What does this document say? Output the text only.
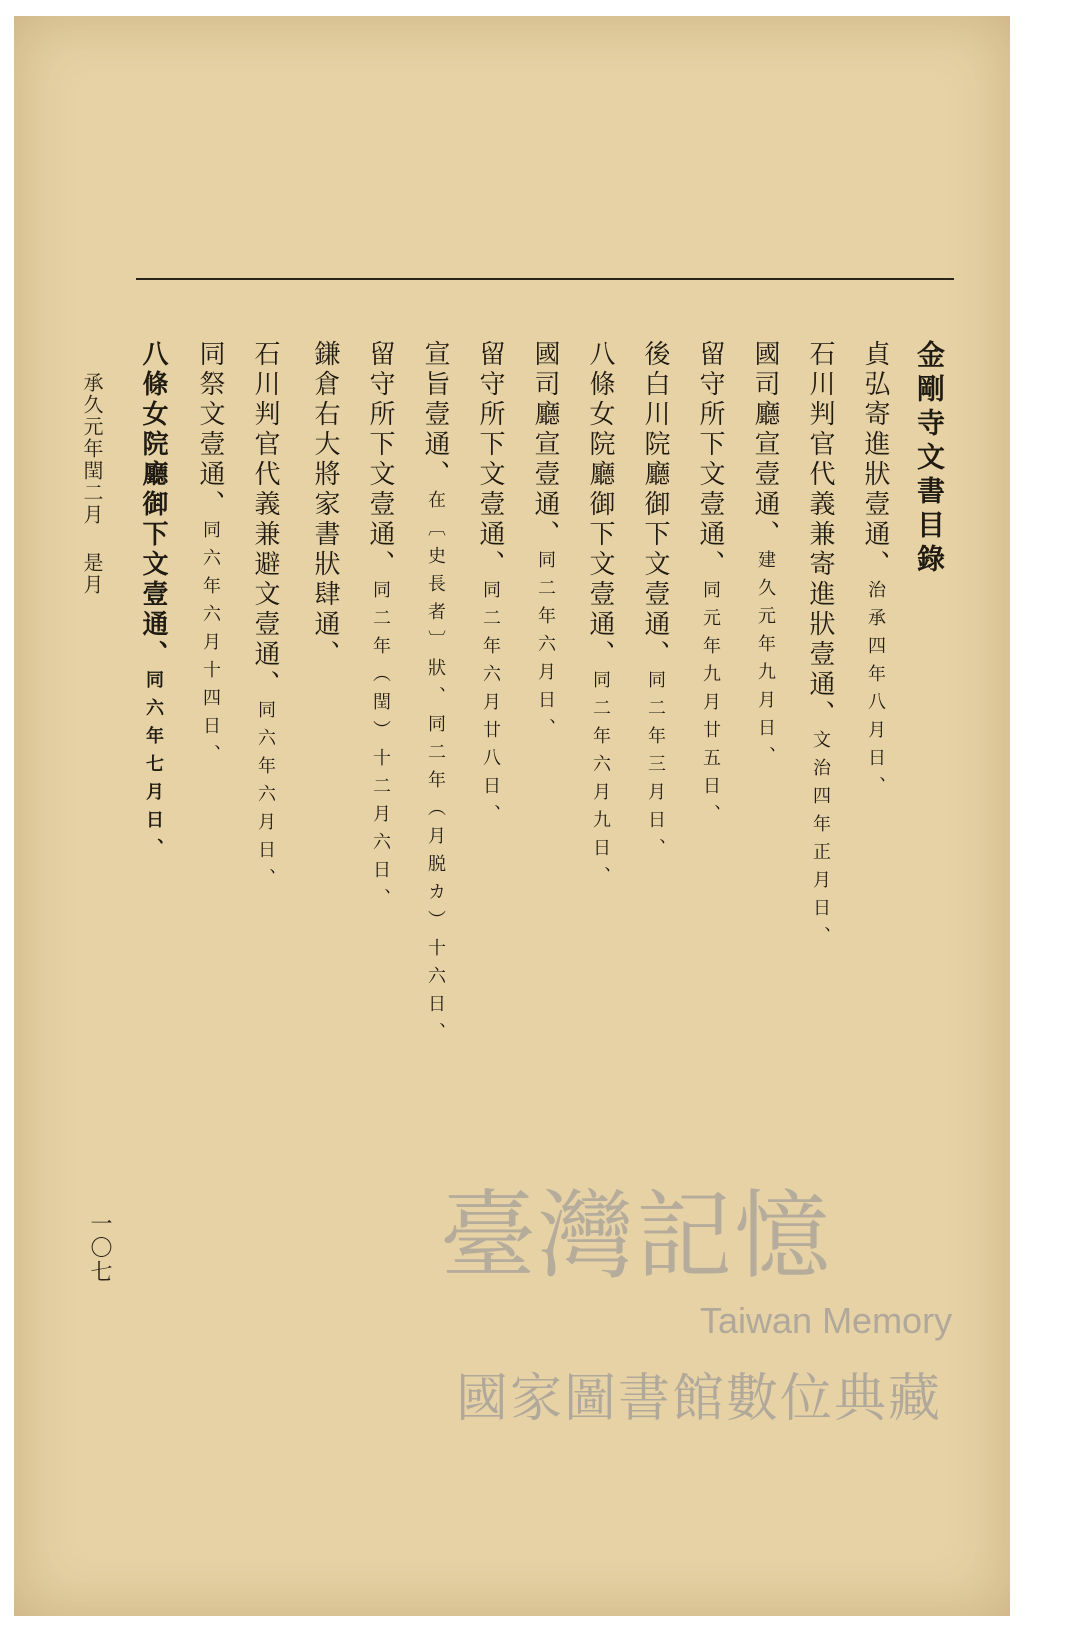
金剛寺文書目錄
貞弘寄進狀壹通、治承四年八月日、
石川判官代義兼寄進狀壹通、文治四年正月日、
國司廳宣壹通、建久元年九月日、
留守所下文壹通、同元年九月廿五日、
後白川院廳御下文壹通、同二年三月日、
八條女院廳御下文壹通、同二年六月九日、
國司廳宣壹通、同二年六月日、
留守所下文壹通、同二年六月廿八日、
宣旨壹通、在〔史長者〕狀、同二年（月脱カ）十六日、
留守所下文壹通、同二年（閏）十二月六日、
鎌倉右大將家書狀肆通、
石川判官代義兼避文壹通、同六年六月日、
同祭文壹通、同六年六月十四日、
八條女院廳御下文壹通、同六年七月日、
承久元年閏二月 是月
一〇七	臺灣記憶
Taiwan Memory
國家圖書館數位典藏
